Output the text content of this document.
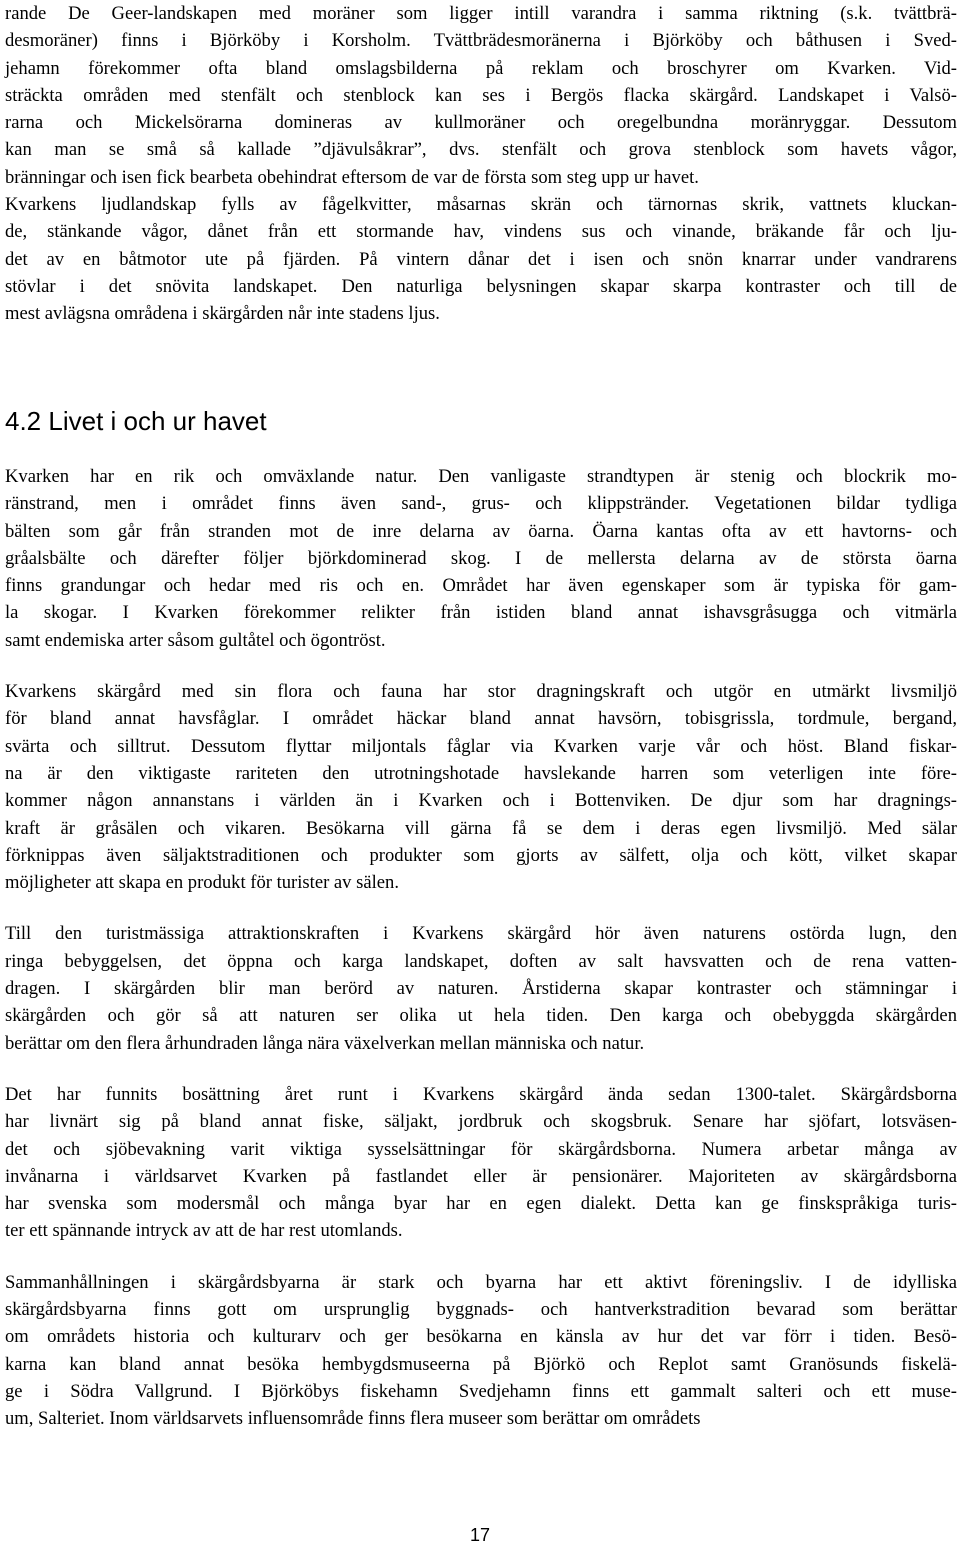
rande De Geer-landskapen med moräner som ligger intill varandra i samma riktning (s.k. tvättbrä-
desmoräner) finns i Björköby i Korsholm. Tvättbrädesmoränerna i Björköby och båthusen i Sved-
jehamn förekommer ofta bland omslagsbilderna på reklam och broschyrer om Kvarken. Vid-
sträckta områden med stenfält och stenblock kan ses i Bergös flacka skärgård. Landskapet i Valsö-
rarna och Mickelsörarna domineras av kullmoräner och oregelbundna moränryggar. Dessutom
kan man se små så kallade ”djävulsåkrar”, dvs. stenfält och grova stenblock som havets vågor,
bränningar och isen fick bearbeta obehindrat eftersom de var de första som steg upp ur havet.

Kvarkens ljudlandskap fylls av fågelkvitter, måsarnas skrän och tärnornas skrik, vattnets kluckan-
de, stänkande vågor, dånet från ett stormande hav, vindens sus och vinande, bräkande får och lju-
det av en båtmotor ute på fjärden. På vintern dånar det i isen och snön knarrar under vandrarens
stövlar i det snövita landskapet. Den naturliga belysningen skapar skarpa kontraster och till de
mest avlägsna områdena i skärgården når inte stadens ljus.

4.2 Livet i och ur havet

Kvarken har en rik och omväxlande natur. Den vanligaste strandtypen är stenig och blockrik mo-
ränstrand, men i området finns även sand-, grus- och klippstränder. Vegetationen bildar tydliga
bälten som går från stranden mot de inre delarna av öarna. Öarna kantas ofta av ett havtorns- och
gråalsbälte och därefter följer björkdominerad skog. I de mellersta delarna av de största öarna
finns grandungar och hedar med ris och en. Området har även egenskaper som är typiska för gam-
la skogar. I Kvarken förekommer relikter från istiden bland annat ishavsgråsugga och vitmärla
samt endemiska arter såsom gultåtel och ögontröst.

Kvarkens skärgård med sin flora och fauna har stor dragningskraft och utgör en utmärkt livsmiljö
för bland annat havsfåglar. I området häckar bland annat havsörn, tobisgrissla, tordmule, bergand,
svärta och silltrut. Dessutom flyttar miljontals fåglar via Kvarken varje vår och höst. Bland fiskar-
na är den viktigaste rariteten den utrotningshotade havslekande harren som veterligen inte före-
kommer någon annanstans i världen än i Kvarken och i Bottenviken. De djur som har dragnings-
kraft är gråsälen och vikaren. Besökarna vill gärna få se dem i deras egen livsmiljö. Med sälar
förknippas även säljaktstraditionen och produkter som gjorts av sälfett, olja och kött, vilket skapar
möjligheter att skapa en produkt för turister av sälen.

Till den turistmässiga attraktionskraften i Kvarkens skärgård hör även naturens ostörda lugn, den
ringa bebyggelsen, det öppna och karga landskapet, doften av salt havsvatten och de rena vatten-
dragen. I skärgården blir man berörd av naturen. Årstiderna skapar kontraster och stämningar i
skärgården och gör så att naturen ser olika ut hela tiden. Den karga och obebyggda skärgården
berättar om den flera århundraden långa nära växelverkan mellan människa och natur.

Det har funnits bosättning året runt i Kvarkens skärgård ända sedan 1300-talet. Skärgårdsborna
har livnärt sig på bland annat fiske, säljakt, jordbruk och skogsbruk. Senare har sjöfart, lotsväsen-
det och sjöbevakning varit viktiga sysselsättningar för skärgårdsborna. Numera arbetar många av
invånarna i världsarvet Kvarken på fastlandet eller är pensionärer. Majoriteten av skärgårdsborna
har svenska som modersmål och många byar har en egen dialekt. Detta kan ge finskspråkiga turis-
ter ett spännande intryck av att de har rest utomlands.

Sammanhållningen i skärgårdsbyarna är stark och byarna har ett aktivt föreningsliv. I de idylliska
skärgårdsbyarna finns gott om ursprunglig byggnads- och hantverkstradition bevarad som berättar
om områdets historia och kulturarv och ger besökarna en känsla av hur det var förr i tiden. Besö-
karna kan bland annat besöka hembygdsmuseerna på Björkö och Replot samt Granösunds fiskelä-
ge i Södra Vallgrund. I Björköbys fiskehamn Svedjehamn finns ett gammalt salteri och ett muse-
um, Salteriet. Inom världsarvets influensområde finns flera museer som berättar om områdets

17
